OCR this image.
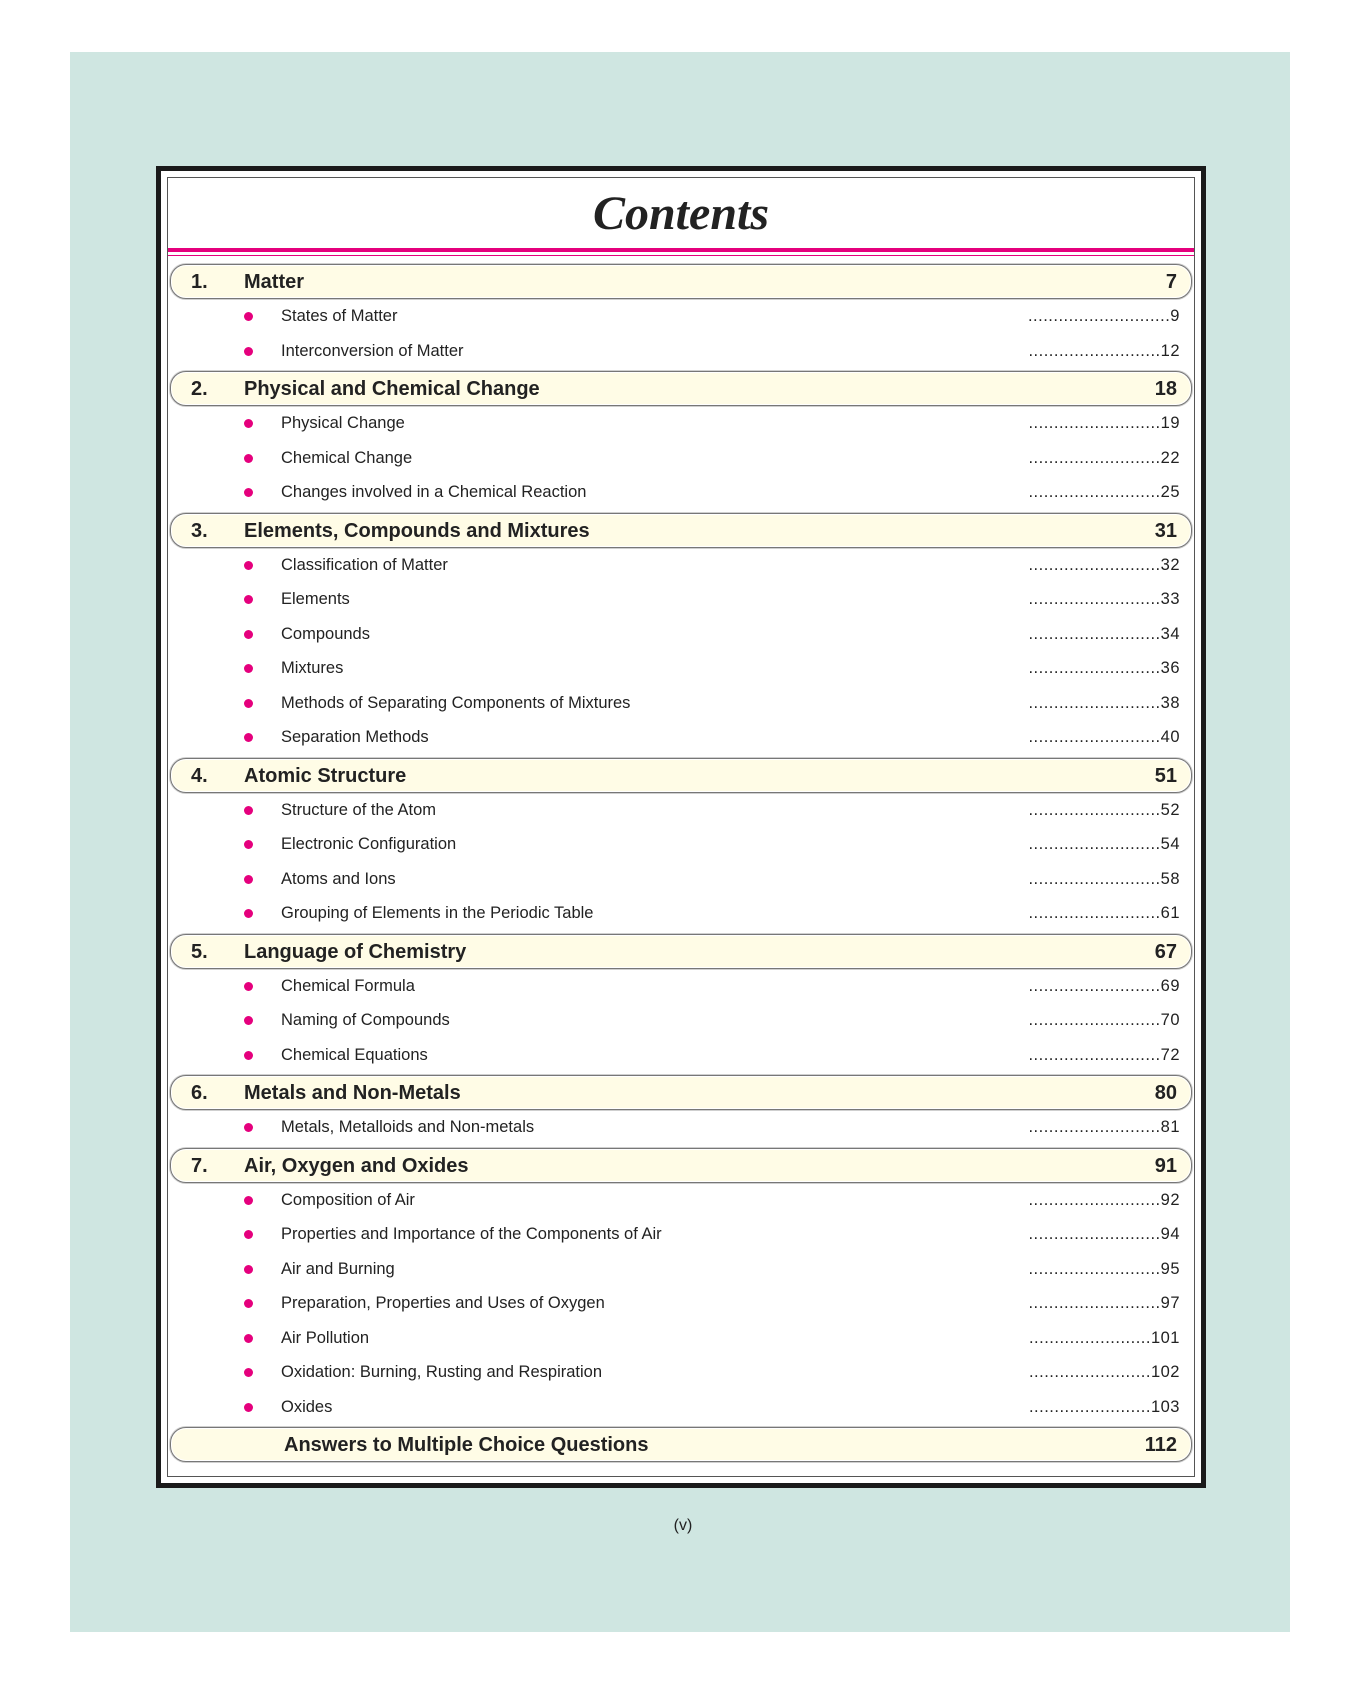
Contents
1. Matter	7
States of Matter	............................9
Interconversion of Matter	..........................12
2. Physical and Chemical Change	18
Physical Change	..........................19
Chemical Change	..........................22
Changes involved in a Chemical Reaction	..........................25
3. Elements, Compounds and Mixtures	31
Classification of Matter	..........................32
Elements	..........................33
Compounds	..........................34
Mixtures	..........................36
Methods of Separating Components of Mixtures	..........................38
Separation Methods	..........................40
4. Atomic Structure	51
Structure of the Atom	..........................52
Electronic Configuration	..........................54
Atoms and Ions	..........................58
Grouping of Elements in the Periodic Table	..........................61
5. Language of Chemistry	67
Chemical Formula	..........................69
Naming of Compounds	..........................70
Chemical Equations	..........................72
6. Metals and Non-Metals	80
Metals, Metalloids and Non-metals	..........................81
7. Air, Oxygen and Oxides	91
Composition of Air	..........................92
Properties and Importance of the Components of Air	..........................94
Air and Burning	..........................95
Preparation, Properties and Uses of Oxygen	..........................97
Air Pollution	........................101
Oxidation: Burning, Rusting and Respiration	........................102
Oxides	........................103
Answers to Multiple Choice Questions	112
(v)
